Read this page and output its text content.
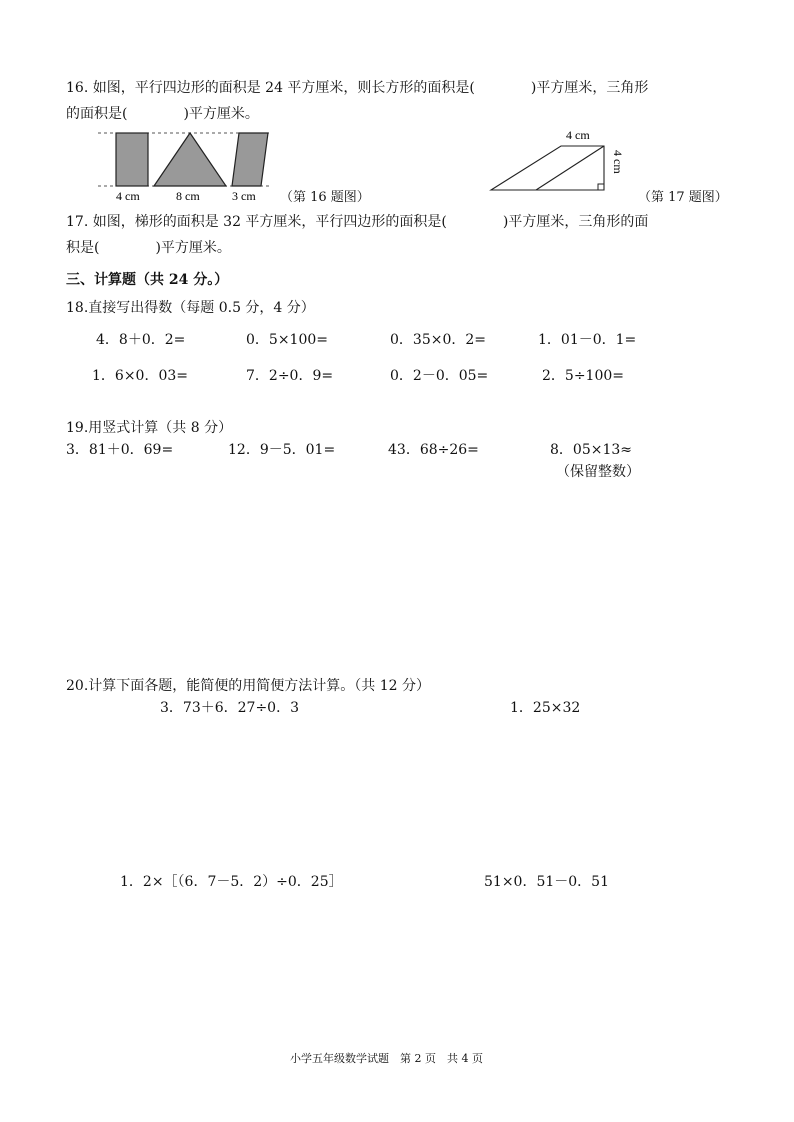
16. 如图，平行四边形的面积是 24 平方厘米，则长方形的面积是(　　　　)平方厘米，三角形
的面积是(　　　　)平方厘米。
4 cm	8 cm	3 cm （第 16 题图）
4 cm
4 cm
（第 17 题图）
17. 如图，梯形的面积是 32 平方厘米，平行四边形的面积是(　　　　)平方厘米，三角形的面
积是(　　　　)平方厘米。
三、计算题（共 24 分。）
18.直接写出得数（每题 0.5 分，4 分）
4．8＋0．2=	0．5×100=	0．35×0．2=	1．01－0．1=
1．6×0．03=	7．2÷0．9=	0．2－0．05=	2．5÷100=
19.用竖式计算（共 8 分）
3．81＋0．69=	12．9－5．01=	43．68÷26=	8．05×13≈
（保留整数）
20.计算下面各题，能简便的用简便方法计算。（共 12 分）
3．73＋6．27÷0．3	1．25×32
1．2×［（6．7－5．2）÷0．25］	51×0．51－0．51
小学五年级数学试题　第 2 页　共 4 页
